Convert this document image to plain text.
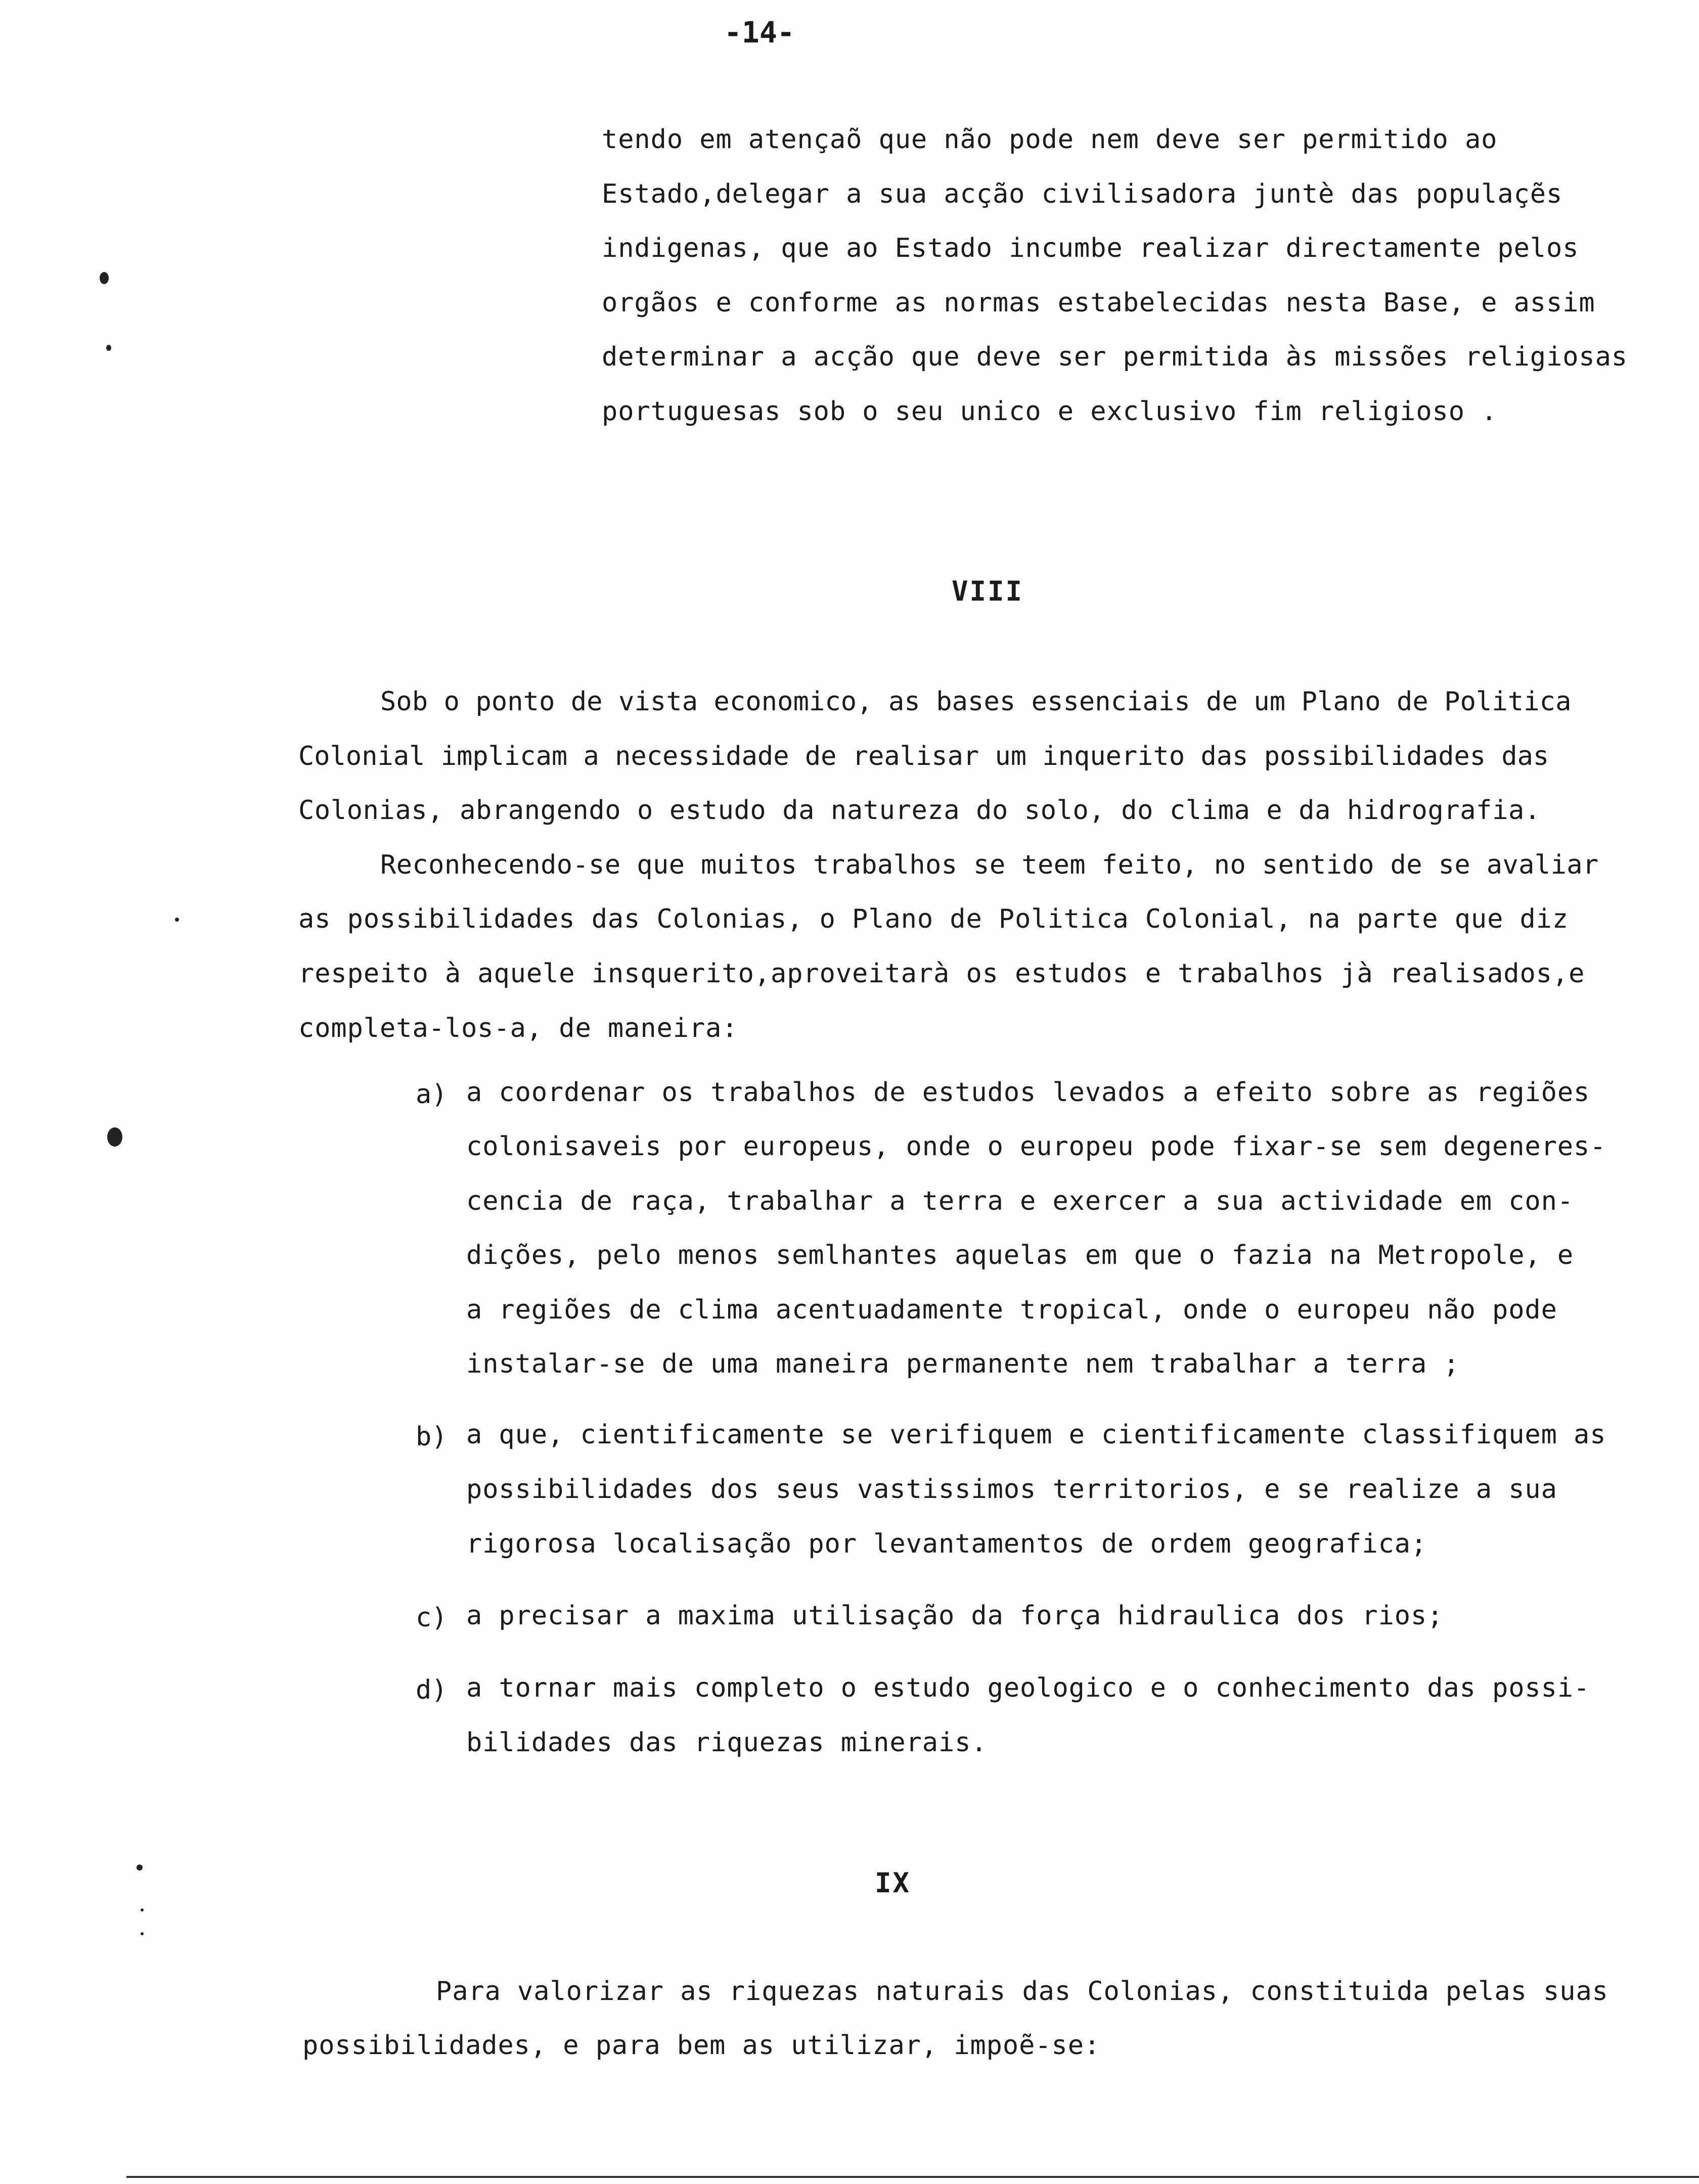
-14-
tendo em atençaõ que não pode nem deve ser permitido ao
Estado,delegar a sua acção civilisadora juntè das populaçẽs
indigenas, que ao Estado incumbe realizar directamente pelos
orgãos e conforme as normas estabelecidas nesta Base, e assim
determinar a acção que deve ser permitida às missões religiosas
portuguesas sob o seu unico e exclusivo fim religioso .
VIII
Sob o ponto de vista economico, as bases essenciais de um Plano de Politica
Colonial implicam a necessidade de realisar um inquerito das possibilidades das
Colonias, abrangendo o estudo da natureza do solo, do clima e da hidrografia.
Reconhecendo-se que muitos trabalhos se teem feito, no sentido de se avaliar
as possibilidades das Colonias, o Plano de Politica Colonial, na parte que diz
respeito à aquele insquerito,aproveitarà os estudos e trabalhos jà realisados,e
completa-los-a, de maneira:
a) a coordenar os trabalhos de estudos levados a efeito sobre as regiões
colonisaveis por europeus, onde o europeu pode fixar-se sem degeneres-
cencia de raça, trabalhar a terra e exercer a sua actividade em con-
dições, pelo menos semlhantes aquelas em que o fazia na Metropole, e
a regiões de clima acentuadamente tropical, onde o europeu não pode
instalar-se de uma maneira permanente nem trabalhar a terra ;
b) a que, cientificamente se verifiquem e cientificamente classifiquem as
possibilidades dos seus vastissimos territorios, e se realize a sua
rigorosa localisação por levantamentos de ordem geografica;
c) a precisar a maxima utilisação da força hidraulica dos rios;
d) a tornar mais completo o estudo geologico e o conhecimento das possi-
bilidades das riquezas minerais.
IX
Para valorizar as riquezas naturais das Colonias, constituida pelas suas
possibilidades, e para bem as utilizar, impoẽ-se:
